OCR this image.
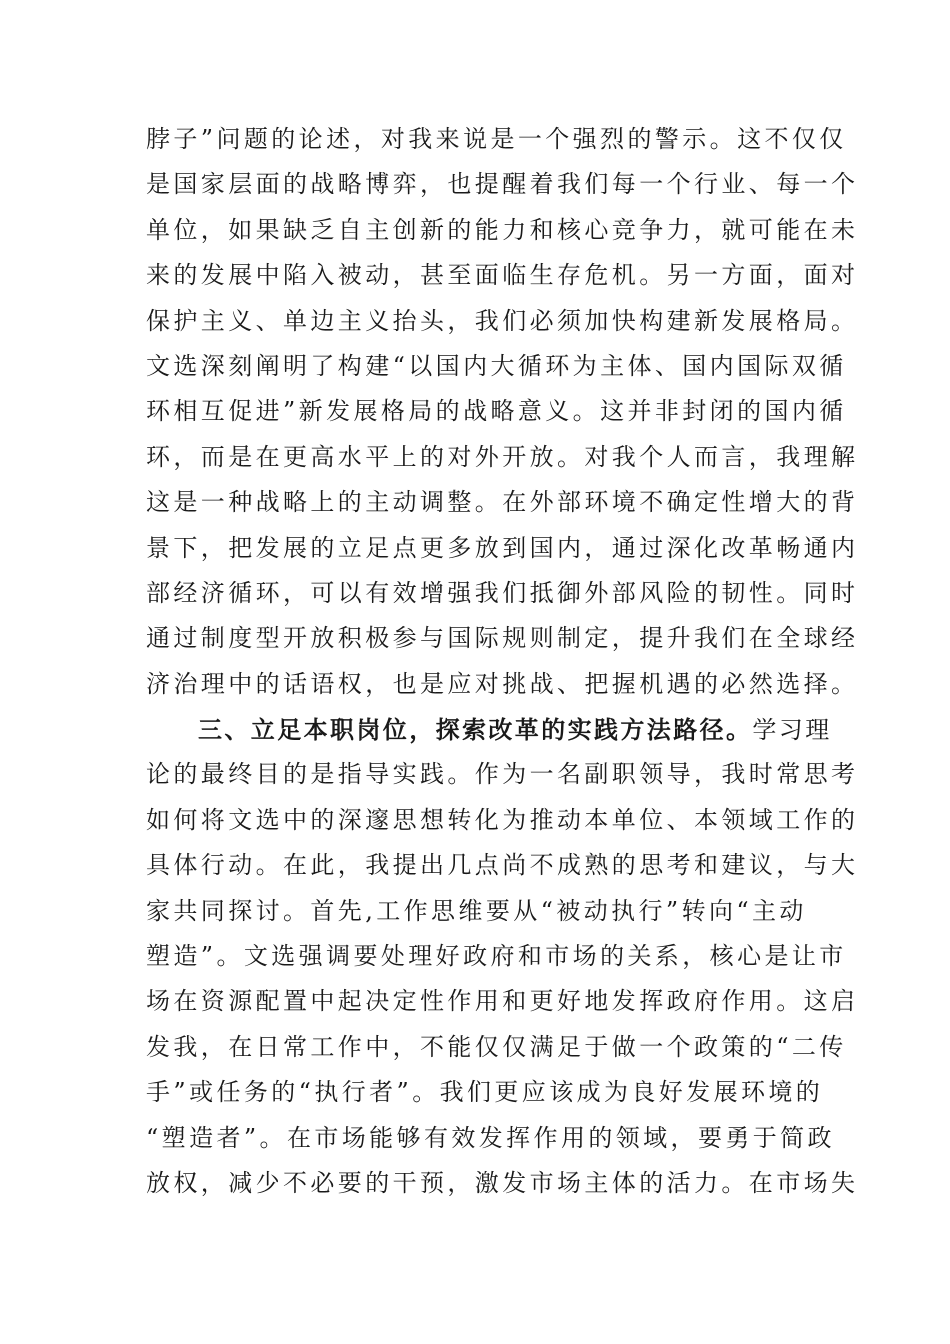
脖子”问题的论述，对我来说是一个强烈的警示。这不仅仅
是国家层面的战略博弈，也提醒着我们每一个行业、每一个
单位，如果缺乏自主创新的能力和核心竞争力，就可能在未
来的发展中陷入被动，甚至面临生存危机。另一方面，面对
保护主义、单边主义抬头，我们必须加快构建新发展格局。
文选深刻阐明了构建“以国内大循环为主体、国内国际双循
环相互促进”新发展格局的战略意义。这并非封闭的国内循
环，而是在更高水平上的对外开放。对我个人而言，我理解
这是一种战略上的主动调整。在外部环境不确定性增大的背
景下，把发展的立足点更多放到国内，通过深化改革畅通内
部经济循环，可以有效增强我们抵御外部风险的韧性。同时
通过制度型开放积极参与国际规则制定，提升我们在全球经
济治理中的话语权，也是应对挑战、把握机遇的必然选择。
三、立足本职岗位，探索改革的实践方法路径。学习理
论的最终目的是指导实践。作为一名副职领导，我时常思考
如何将文选中的深邃思想转化为推动本单位、本领域工作的
具体行动。在此，我提出几点尚不成熟的思考和建议，与大
家共同探讨。首先,工作思维要从“被动执行”转向“主动
塑造”。文选强调要处理好政府和市场的关系，核心是让市
场在资源配置中起决定性作用和更好地发挥政府作用。这启
发我，在日常工作中，不能仅仅满足于做一个政策的“二传
手”或任务的“执行者”。我们更应该成为良好发展环境的
“塑造者”。在市场能够有效发挥作用的领域，要勇于简政
放权，减少不必要的干预，激发市场主体的活力。在市场失
